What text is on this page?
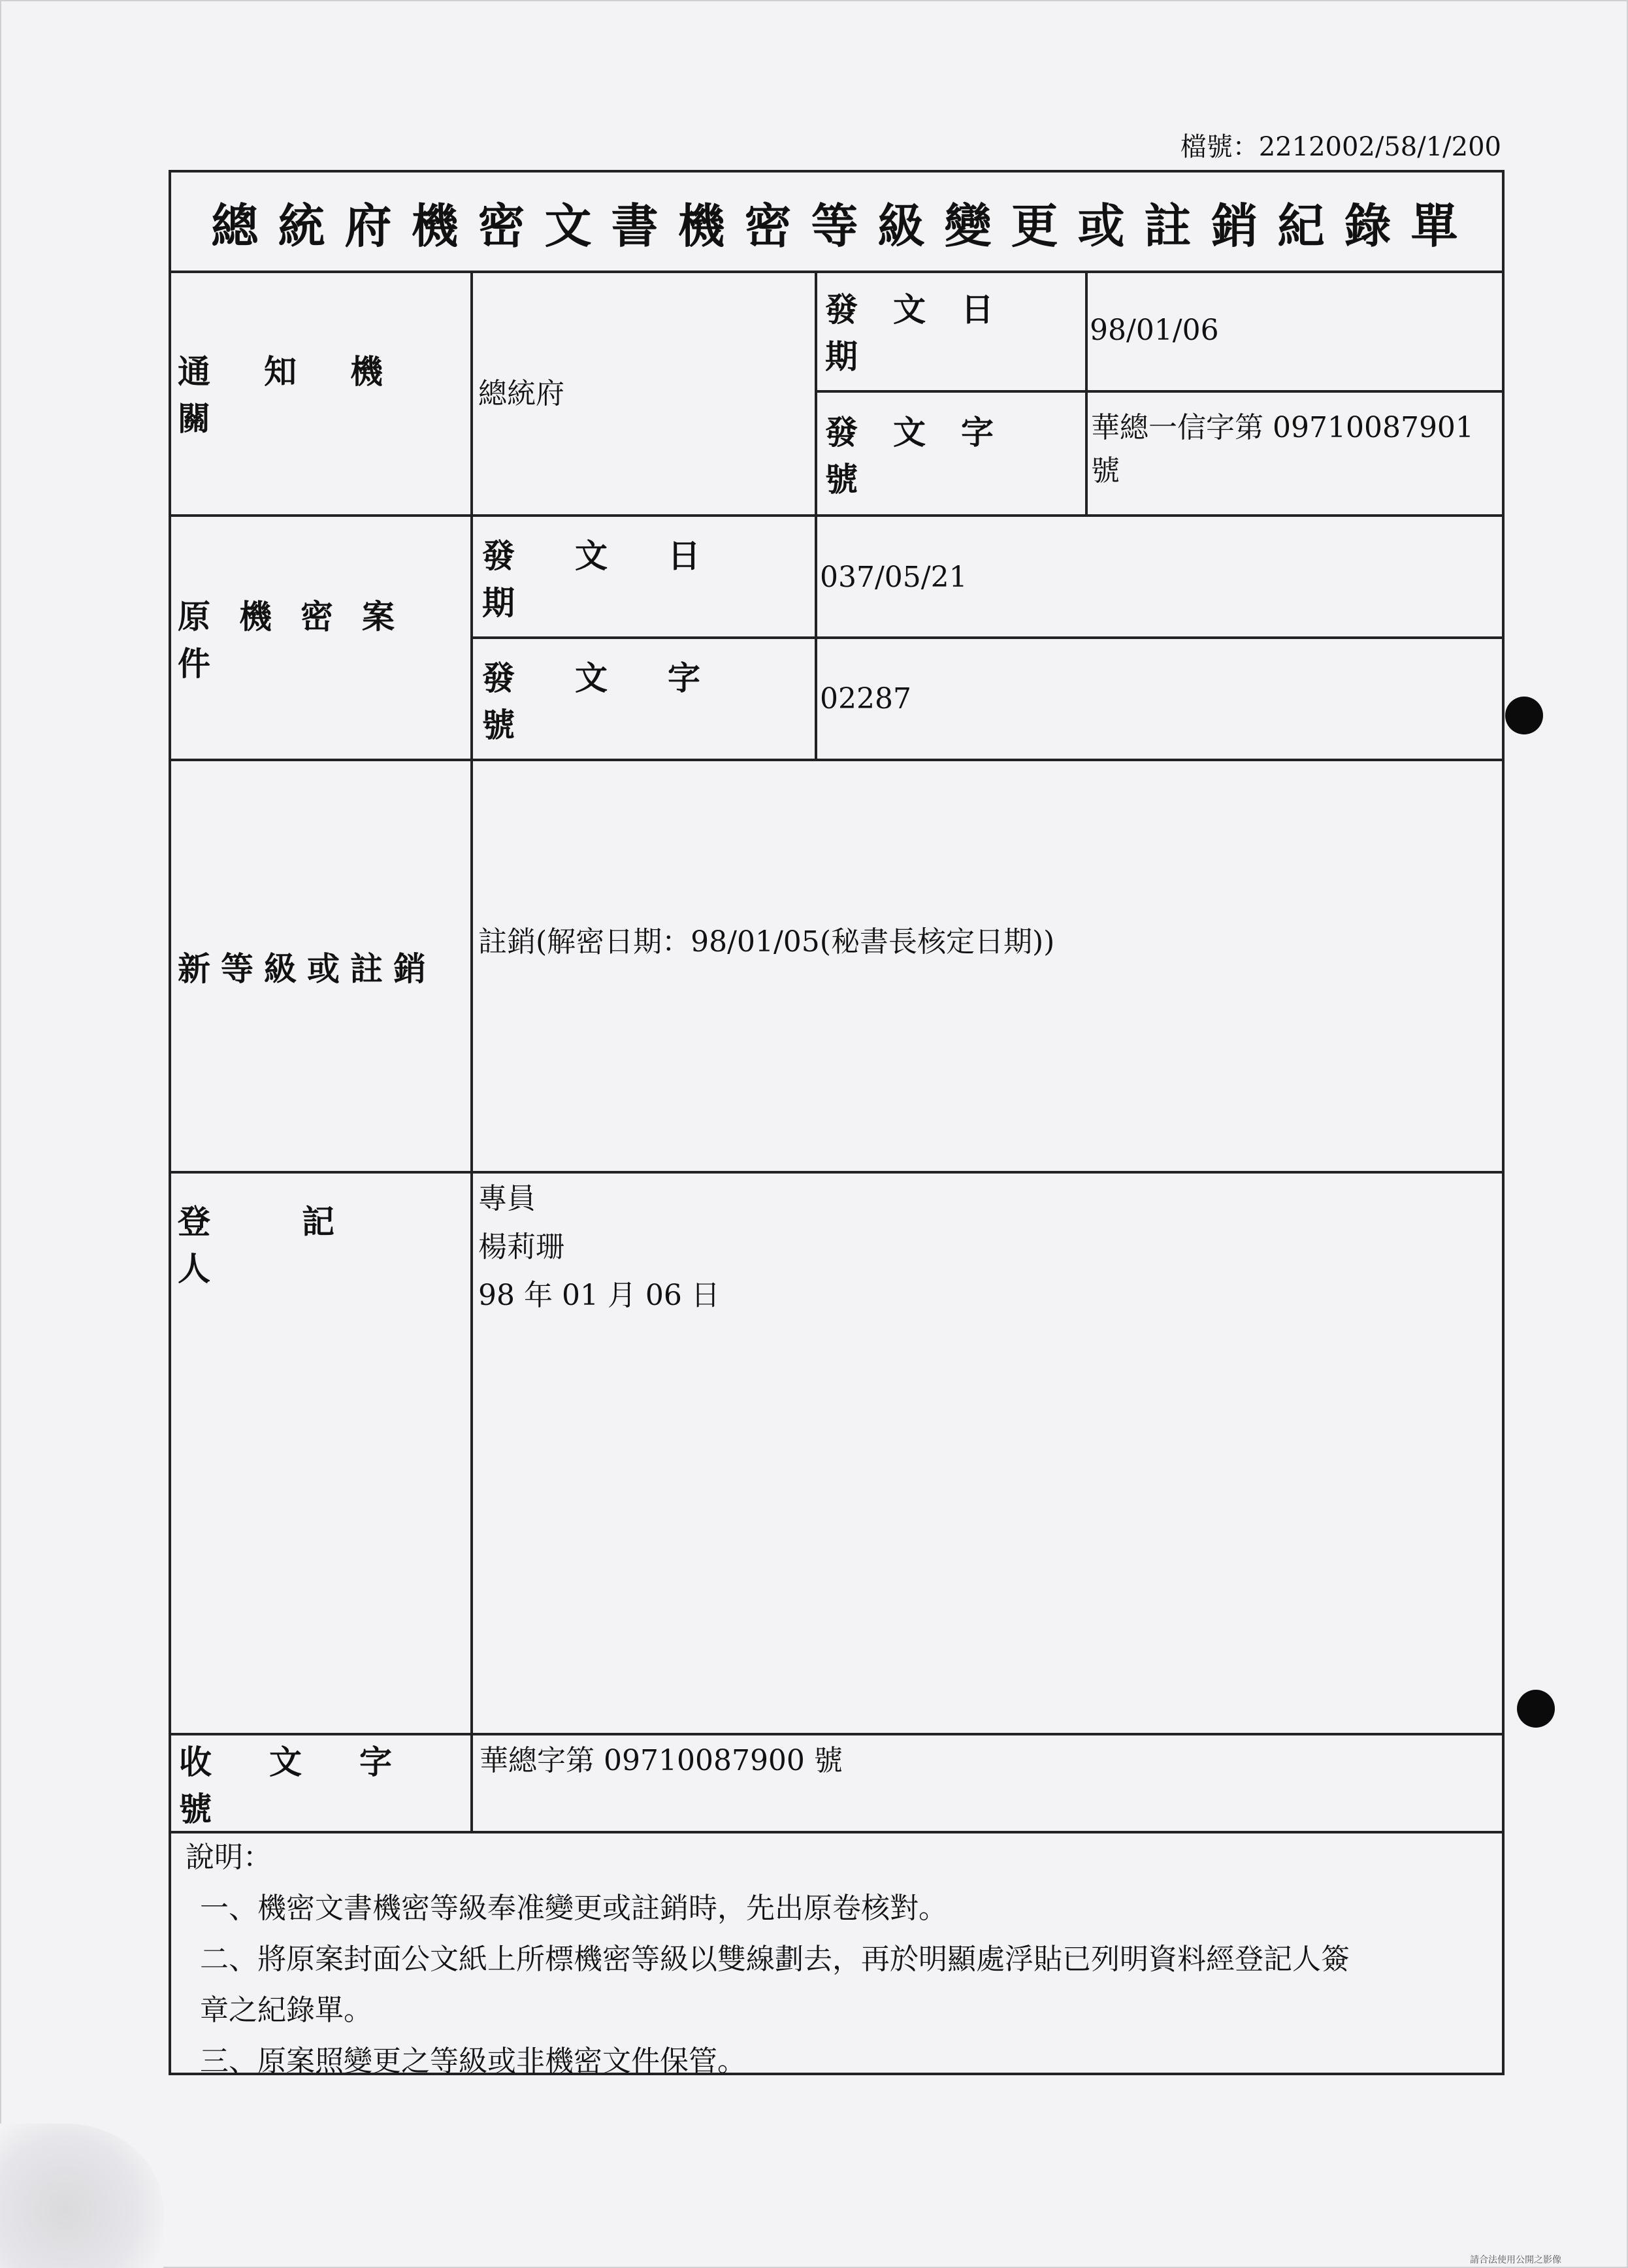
檔號：2212002/58/1/200
總統府機密文書機密等級變更或註銷紀錄單
通知機關
總統府
發文日期
98/01/06
發文字號
華總一信字第 09710087901
號
原機密案件
發文日期
037/05/21
發文字號
02287
新等級或註銷
註銷(解密日期：98/01/05(秘書長核定日期))
登記人
專員
楊莉珊
98 年 01 月 06 日
收文字號
華總字第 09710087900 號
說明：
一、機密文書機密等級奉准變更或註銷時，先出原卷核對。
二、將原案封面公文紙上所標機密等級以雙線劃去，再於明顯處浮貼已列明資料經登記人簽
章之紀錄單。
三、原案照變更之等級或非機密文件保管。
請合法使用公開之影像
